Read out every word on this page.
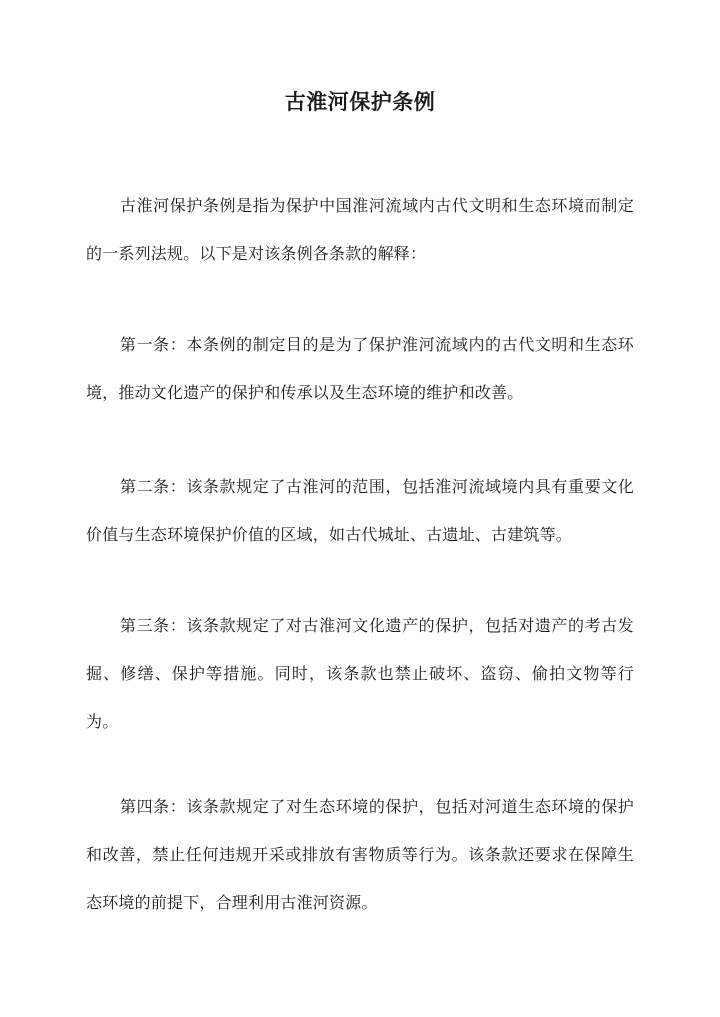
古淮河保护条例

古淮河保护条例是指为保护中国淮河流域内古代文明和生态环境而制定的一系列法规。以下是对该条例各条款的解释：

第一条：本条例的制定目的是为了保护淮河流域内的古代文明和生态环境，推动文化遗产的保护和传承以及生态环境的维护和改善。

第二条：该条款规定了古淮河的范围，包括淮河流域境内具有重要文化价值与生态环境保护价值的区域，如古代城址、古遗址、古建筑等。

第三条：该条款规定了对古淮河文化遗产的保护，包括对遗产的考古发掘、修缮、保护等措施。同时，该条款也禁止破坏、盗窃、偷拍文物等行为。

第四条：该条款规定了对生态环境的保护，包括对河道生态环境的保护和改善，禁止任何违规开采或排放有害物质等行为。该条款还要求在保障生态环境的前提下，合理利用古淮河资源。
